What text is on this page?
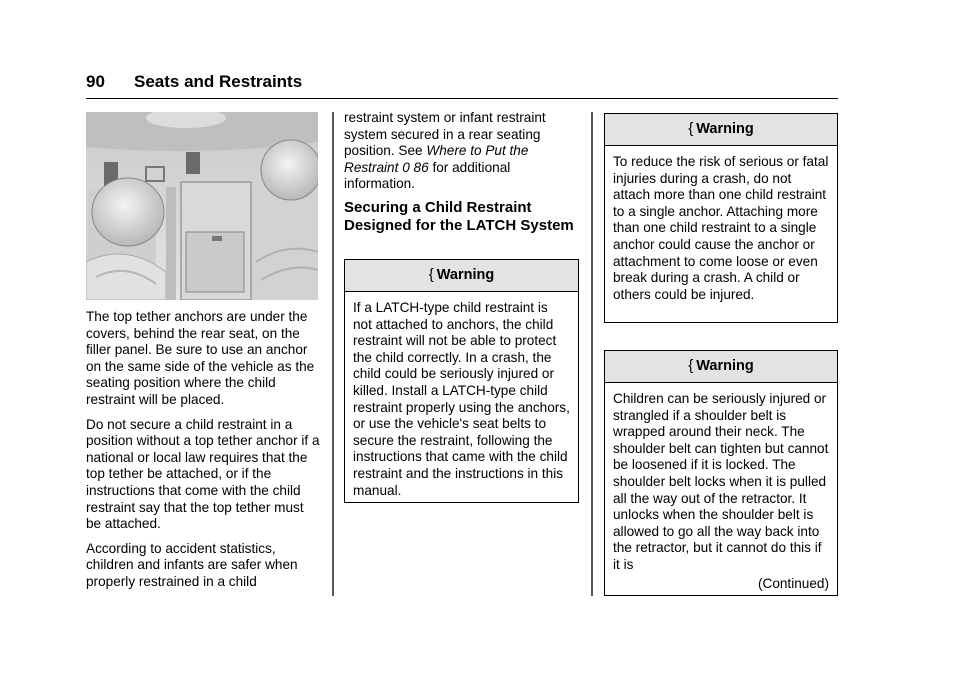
90 Seats and Restraints

The top tether anchors are under the covers, behind the rear seat, on the filler panel. Be sure to use an anchor on the same side of the vehicle as the seating position where the child restraint will be placed.

Do not secure a child restraint in a position without a top tether anchor if a national or local law requires that the top tether be attached, or if the instructions that come with the child restraint say that the top tether must be attached.

According to accident statistics, children and infants are safer when properly restrained in a child

restraint system or infant restraint system secured in a rear seating position. See Where to Put the Restraint 0 86 for additional information.

Securing a Child Restraint Designed for the LATCH System
{ Warning
If a LATCH-type child restraint is not attached to anchors, the child restraint will not be able to protect the child correctly. In a crash, the child could be seriously injured or killed. Install a LATCH-type child restraint properly using the anchors, or use the vehicle's seat belts to secure the restraint, following the instructions that came with the child restraint and the instructions in this manual.
{ Warning
To reduce the risk of serious or fatal injuries during a crash, do not attach more than one child restraint to a single anchor. Attaching more than one child restraint to a single anchor could cause the anchor or attachment to come loose or even break during a crash. A child or others could be injured.
{ Warning
Children can be seriously injured or strangled if a shoulder belt is wrapped around their neck. The shoulder belt can tighten but cannot be loosened if it is locked. The shoulder belt locks when it is pulled all the way out of the retractor. It unlocks when the shoulder belt is allowed to go all the way back into the retractor, but it cannot do this if it is
(Continued)
